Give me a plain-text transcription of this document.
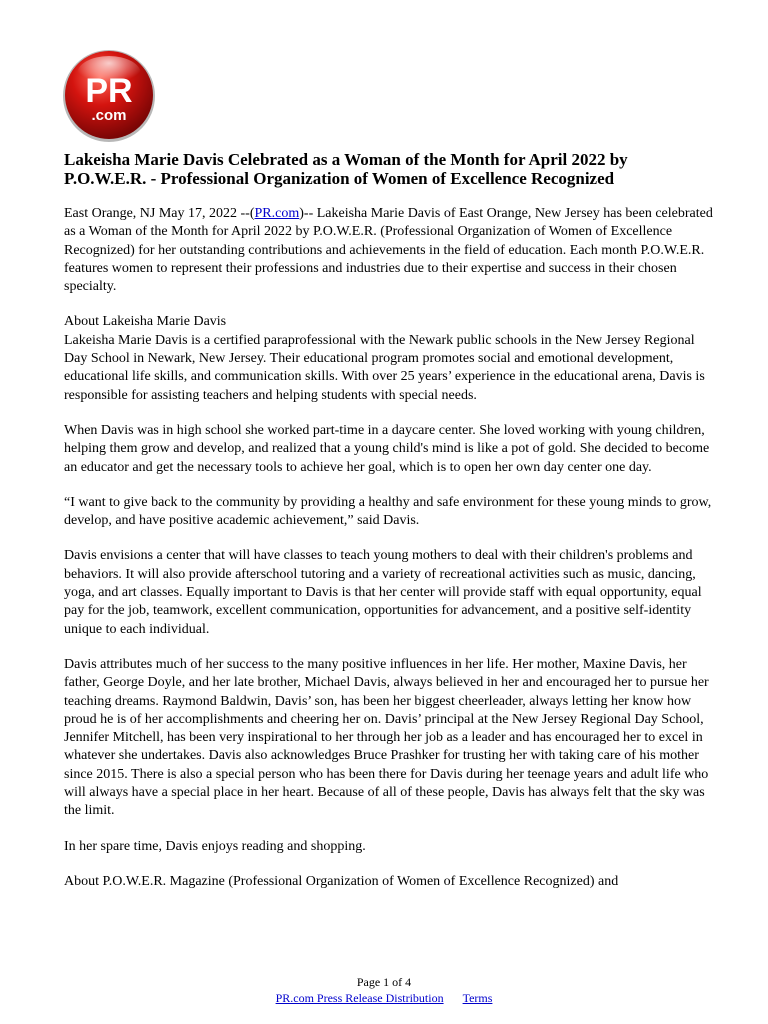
PR
.com
Lakeisha Marie Davis Celebrated as a Woman of the Month for April 2022 by P.O.W.E.R. - Professional Organization of Women of Excellence Recognized

East Orange, NJ May 17, 2022 --(PR.com)-- Lakeisha Marie Davis of East Orange, New Jersey has been celebrated as a Woman of the Month for April 2022 by P.O.W.E.R. (Professional Organization of Women of Excellence Recognized) for her outstanding contributions and achievements in the field of education. Each month P.O.W.E.R. features women to represent their professions and industries due to their expertise and success in their chosen specialty.

About Lakeisha Marie Davis
Lakeisha Marie Davis is a certified paraprofessional with the Newark public schools in the New Jersey Regional Day School in Newark, New Jersey. Their educational program promotes social and emotional development, educational life skills, and communication skills. With over 25 years’ experience in the educational arena, Davis is responsible for assisting teachers and helping students with special needs.

When Davis was in high school she worked part-time in a daycare center. She loved working with young children, helping them grow and develop, and realized that a young child's mind is like a pot of gold. She decided to become an educator and get the necessary tools to achieve her goal, which is to open her own day center one day.

“I want to give back to the community by providing a healthy and safe environment for these young minds to grow, develop, and have positive academic achievement,” said Davis.

Davis envisions a center that will have classes to teach young mothers to deal with their children's problems and behaviors. It will also provide afterschool tutoring and a variety of recreational activities such as music, dancing, yoga, and art classes. Equally important to Davis is that her center will provide staff with equal opportunity, equal pay for the job, teamwork, excellent communication, opportunities for advancement, and a positive self-identity unique to each individual.

Davis attributes much of her success to the many positive influences in her life. Her mother, Maxine Davis, her father, George Doyle, and her late brother, Michael Davis, always believed in her and encouraged her to pursue her teaching dreams. Raymond Baldwin, Davis’ son, has been her biggest cheerleader, always letting her know how proud he is of her accomplishments and cheering her on. Davis’ principal at the New Jersey Regional Day School, Jennifer Mitchell, has been very inspirational to her through her job as a leader and has encouraged her to excel in whatever she undertakes. Davis also acknowledges Bruce Prashker for trusting her with taking care of his mother since 2015. There is also a special person who has been there for Davis during her teenage years and adult life who will always have a special place in her heart. Because of all of these people, Davis has always felt that the sky was the limit.

In her spare time, Davis enjoys reading and shopping.

About P.O.W.E.R. Magazine (Professional Organization of Women of Excellence Recognized) and

Page 1 of 4
PR.com Press Release Distribution Terms
